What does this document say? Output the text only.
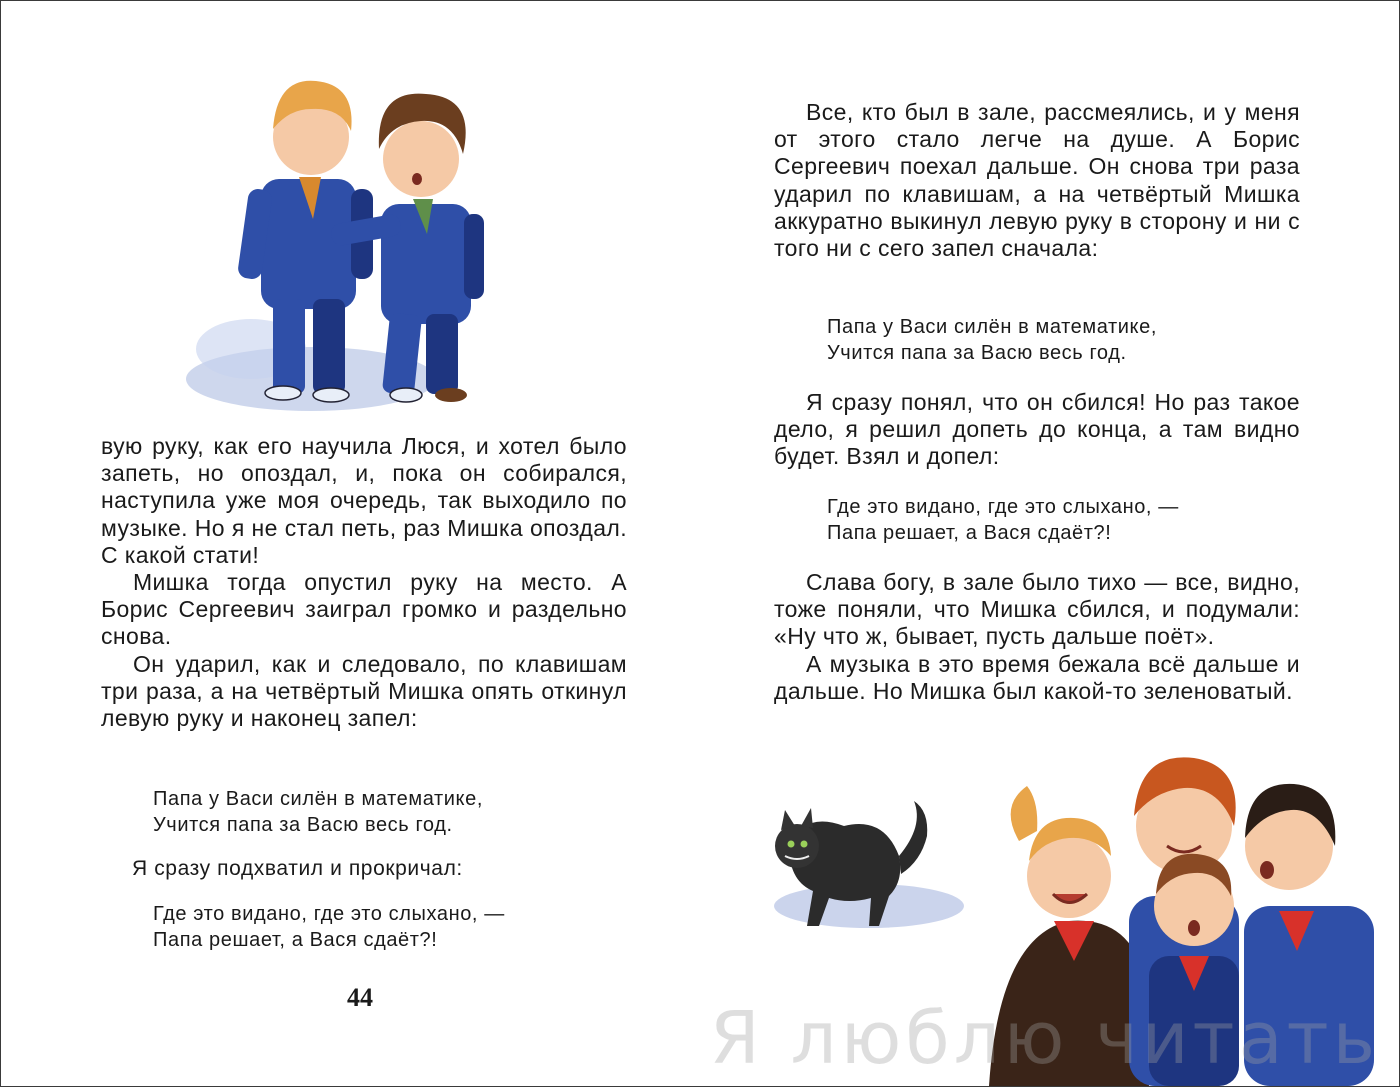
вую руку, как его научила Люся, и хотел было запеть, но опоздал, и, пока он собирался, наступила уже моя очередь, так выходило по музыке. Но я не стал петь, раз Мишка опоздал. С какой стати!

Мишка тогда опустил руку на место. А Борис Сергеевич заиграл громко и раздельно снова.

Он ударил, как и следовало, по клавишам три раза, а на четвёртый Мишка опять откинул левую руку и наконец запел:

Папа у Васи силён в математике,
Учится папа за Васю весь год.
Я сразу подхватил и прокричал:
Где это видано, где это слыхано, —
Папа решает, а Вася сдаёт?!
44

Все, кто был в зале, рассмеялись, и у меня от этого стало легче на душе. А Борис Сергеевич поехал дальше. Он снова три раза ударил по клавишам, а на четвёртый Мишка аккуратно выкинул левую руку в сторону и ни с того ни с сего запел сначала:

Папа у Васи силён в математике,
Учится папа за Васю весь год.

Я сразу понял, что он сбился! Но раз такое дело, я решил допеть до конца, а там видно будет. Взял и допел:

Где это видано, где это слыхано, —
Папа решает, а Вася сдаёт?!

Слава богу, в зале было тихо — все, видно, тоже поняли, что Мишка сбился, и подумали: «Ну что ж, бывает, пусть дальше поёт».

А музыка в это время бежала всё дальше и дальше. Но Мишка был какой-то зеленоватый.

Я люблю читать
